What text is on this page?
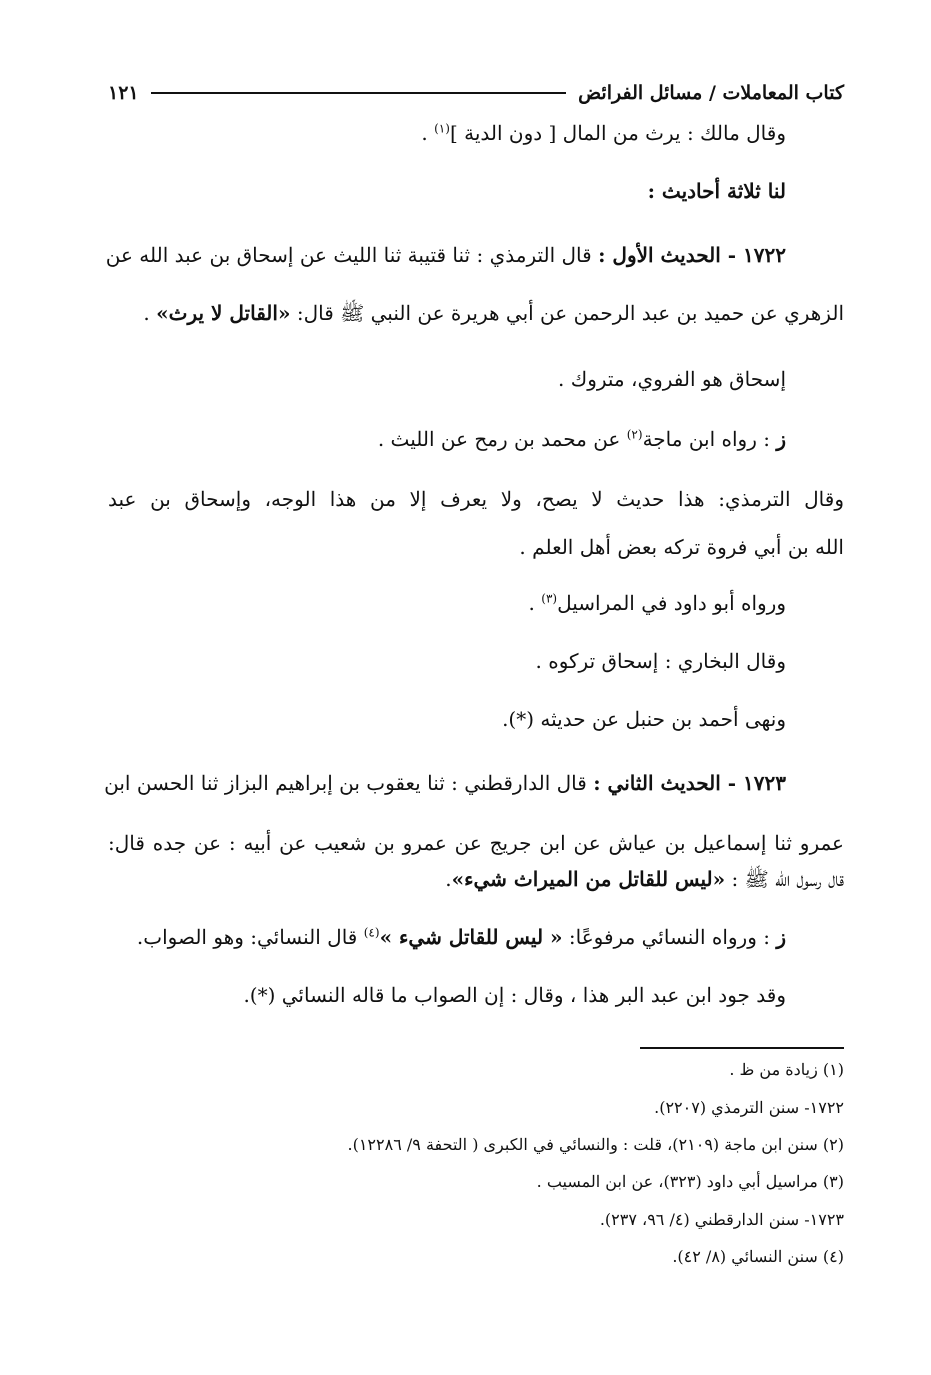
كتاب المعاملات / مسائل الفرائض
١٢١
وقال مالك : يرث من المال [ دون الدية ]$^{(١)}$ .
لنا ثلاثة أحاديث :
١٧٢٢ - الحديث الأول : قال الترمذي : ثنا قتيبة ثنا الليث عن إسحاق بن عبد الله عن
الزهري عن حميد بن عبد الرحمن عن أبي هريرة عن النبي ﷺ قال: «القاتل لا يرث» .
إسحاق هو الفروي، متروك .
ز : رواه ابن ماجة$^{(٢)}$ عن محمد بن رمح عن الليث .
وقال الترمذي: هذا حديث لا يصح، ولا يعرف إلا من هذا الوجه، وإسحاق بن عبد
الله بن أبي فروة تركه بعض أهل العلم .
ورواه أبو داود في المراسيل$^{(٣)}$ .
وقال البخاري : إسحاق تركوه .
ونهى أحمد بن حنبل عن حديثه (*).
١٧٢٣ - الحديث الثاني : قال الدارقطني : ثنا يعقوب بن إبراهيم البزاز ثنا الحسن ابن
عمرو ثنا إسماعيل بن عياش عن ابن جريج عن عمرو بن شعيب عن أبيه : عن جده قال:
قال رسول الله ﷺ : «ليس للقاتل من الميراث شيء».
ز : ورواه النسائي مرفوعًا: « ليس للقاتل شيء »$^{(٤)}$ قال النسائي: وهو الصواب.
وقد جود ابن عبد البر هذا ، وقال : إن الصواب ما قاله النسائي (*).
(١) زيادة من ظ .
١٧٢٢- سنن الترمذي (٢٢٠٧).
(٢) سنن ابن ماجة (٢١٠٩)، قلت : والنسائي في الكبرى ( التحفة ٩/ ١٢٢٨٦).
(٣) مراسيل أبي داود (٣٢٣)، عن ابن المسيب .
١٧٢٣- سنن الدارقطني (٤/ ٩٦، ٢٣٧).
(٤) سنن النسائي (٨/ ٤٢).
